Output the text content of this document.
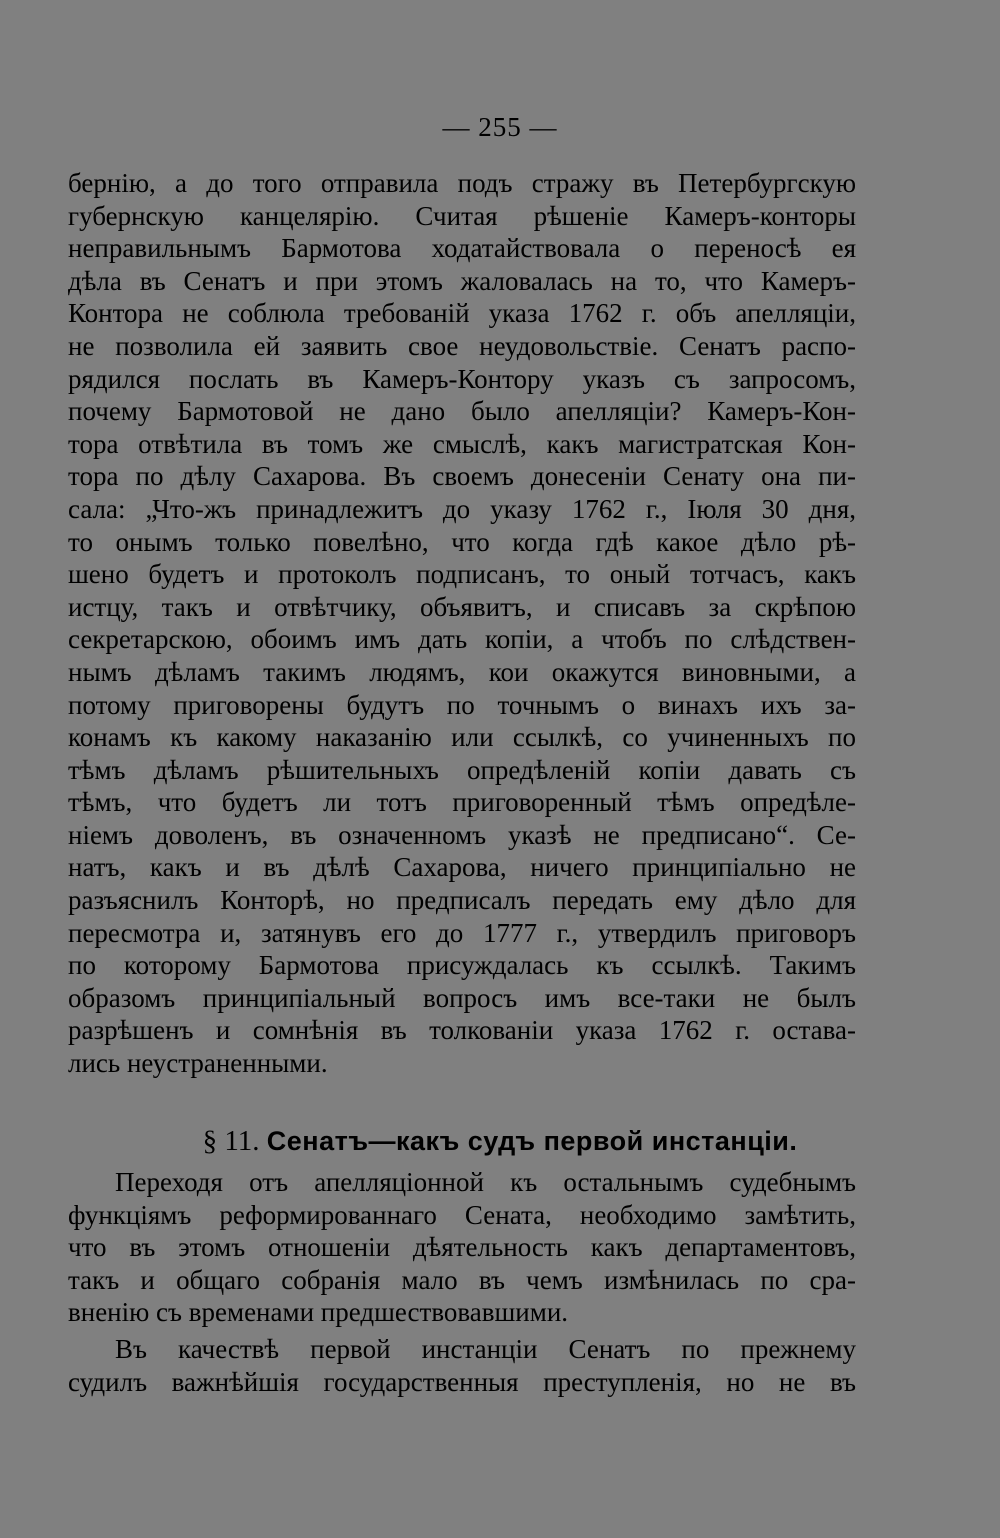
— 255 —
бернію, а до того отправила подъ стражу въ Петербургскую
губернскую канцелярію. Считая рѣшеніе Камеръ-конторы
неправильнымъ Бармотова ходатайствовала о переносѣ ея
дѣла въ Сенатъ и при этомъ жаловалась на то, что Камеръ-
Контора не соблюла требованій указа 1762 г. объ апелляціи,
не позволила ей заявить свое неудовольствіе. Сенатъ распо-
рядился послать въ Камеръ-Контору указъ съ запросомъ,
почему Бармотовой не дано было апелляціи? Камеръ-Кон-
тора отвѣтила въ томъ же смыслѣ, какъ магистратская Кон-
тора по дѣлу Сахарова. Въ своемъ донесеніи Сенату она пи-
сала: „Что-жъ принадлежитъ до указу 1762 г., Іюля 30 дня,
то онымъ только повелѣно, что когда гдѣ какое дѣло рѣ-
шено будетъ и протоколъ подписанъ, то оный тотчасъ, какъ
истцу, такъ и отвѣтчику, объявитъ, и списавъ за скрѣпою
секретарскою, обоимъ имъ дать копіи, а чтобъ по слѣдствен-
нымъ дѣламъ такимъ людямъ, кои окажутся виновными, а
потому приговорены будутъ по точнымъ о винахъ ихъ за-
конамъ къ какому наказанію или ссылкѣ, со учиненныхъ по
тѣмъ дѣламъ рѣшительныхъ опредѣленій копіи давать съ
тѣмъ, что будетъ ли тотъ приговоренный тѣмъ опредѣле-
ніемъ доволенъ, въ означенномъ указѣ не предписано“. Се-
натъ, какъ и въ дѣлѣ Сахарова, ничего принципіально не
разъяснилъ Конторѣ, но предписалъ передать ему дѣло для
пересмотра и, затянувъ его до 1777 г., утвердилъ приговоръ
по которому Бармотова присуждалась къ ссылкѣ. Такимъ
образомъ принципіальный вопросъ имъ все-таки не былъ
разрѣшенъ и сомнѣнія въ толкованіи указа 1762 г. остава-
лись неустраненными.
§ 11. Сенатъ—какъ судъ первой инстанціи.
Переходя отъ апелляціонной къ остальнымъ судебнымъ
функціямъ реформированнаго Сената, необходимо замѣтить,
что въ этомъ отношеніи дѣятельность какъ департаментовъ,
такъ и общаго собранія мало въ чемъ измѣнилась по сра-
вненію съ временами предшествовавшими.
Въ качествѣ первой инстанціи Сенатъ по прежнему
судилъ важнѣйшія государственныя преступленія, но не въ
